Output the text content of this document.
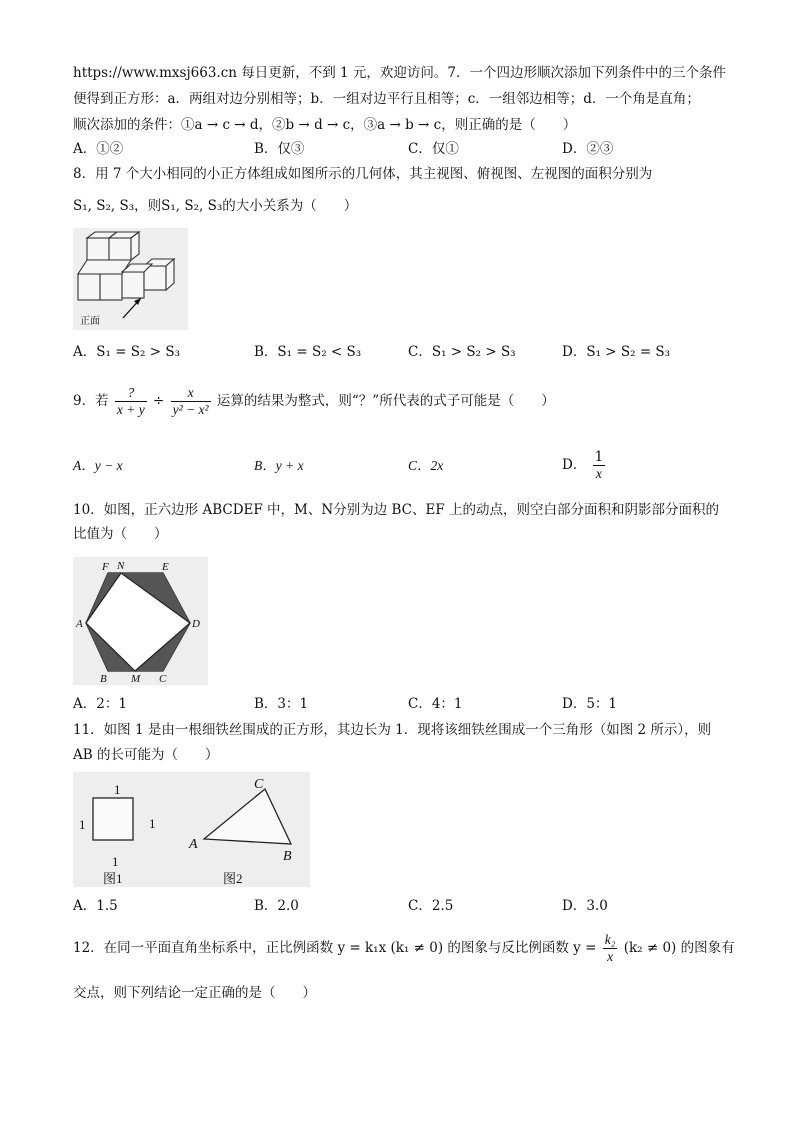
https://www.mxsj663.cn 每日更新，不到 1 元，欢迎访问。7．一个四边形顺次添加下列条件中的三个条件
便得到正方形：a．两组对边分别相等；b．一组对边平行且相等；c．一组邻边相等；d．一个角是直角；
顺次添加的条件：①a → c → d，②b → d → c，③a → b → c，则正确的是（　　）
A．①②	B．仅③	C．仅①	D．②③
8．用 7 个大小相同的小正方体组成如图所示的几何体，其主视图、俯视图、左视图的面积分别为
S₁, S₂, S₃，则S₁, S₂, S₃的大小关系为（　　）
正面
A．S₁ = S₂ > S₃	B．S₁ = S₂ < S₃	C．S₁ > S₂ > S₃	D．S₁ > S₂ = S₃
9．若 $\frac{?}{x + y} \div \frac{x}{\text{y² − x²}}$ 运算的结果为整式，则“？”所代表的式子可能是（　　）
A．y − x	B．y + x	C．2x	D． $\frac{1}{x}$
10．如图，正六边形 ABCDEF 中，M、N分别为边 BC、EF 上的动点，则空白部分面积和阴影部分面积的
比值为（　　）
F N	E
A	D
B M C
A．2：1	B．3：1	C．4：1	D．5：1
11．如图 1 是由一根细铁丝围成的正方形，其边长为 1．现将该细铁丝围成一个三角形（如图 2 所示），则
AB 的长可能为（　　）
1
1	1
1
图1	图2
A
B
C
A．1.5	B．2.0	C．2.5	D．3.0
12．在同一平面直角坐标系中，正比例函数 y = k₁x (k₁ ≠ 0) 的图象与反比例函数 $y = \frac{\text{k₂}}{x} (k_2 \ne 0)$ 的图象有
交点，则下列结论一定正确的是（　　）
